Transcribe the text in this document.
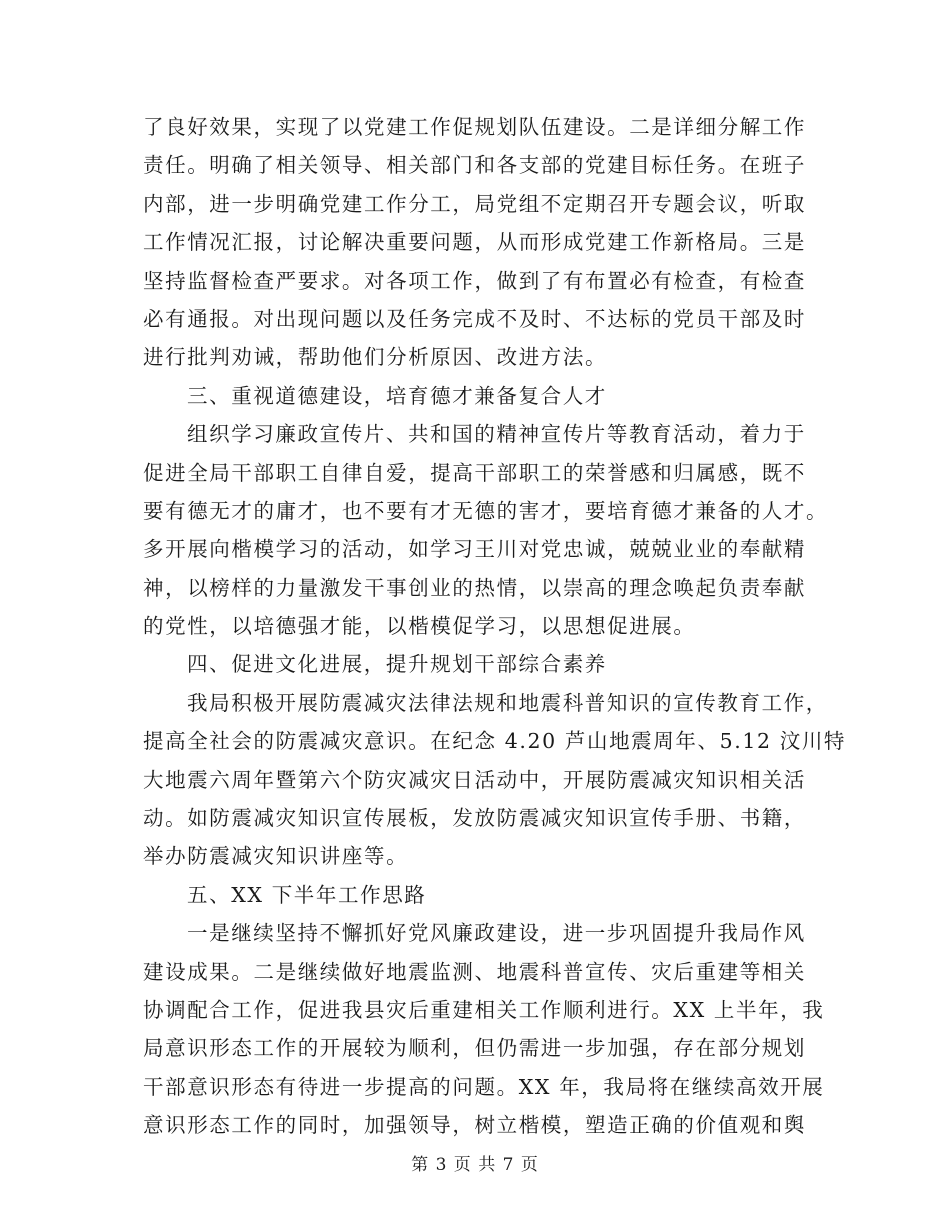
了良好效果，实现了以党建工作促规划队伍建设。二是详细分解工作
责任。明确了相关领导、相关部门和各支部的党建目标任务。在班子
内部，进一步明确党建工作分工，局党组不定期召开专题会议，听取
工作情况汇报，讨论解决重要问题，从而形成党建工作新格局。三是
坚持监督检查严要求。对各项工作，做到了有布置必有检查，有检查
必有通报。对出现问题以及任务完成不及时、不达标的党员干部及时
进行批判劝诫，帮助他们分析原因、改进方法。
三、重视道德建设，培育德才兼备复合人才
组织学习廉政宣传片、共和国的精神宣传片等教育活动，着力于
促进全局干部职工自律自爱，提高干部职工的荣誉感和归属感，既不
要有德无才的庸才，也不要有才无德的害才，要培育德才兼备的人才。
多开展向楷模学习的活动，如学习王川对党忠诚，兢兢业业的奉献精
神，以榜样的力量激发干事创业的热情，以崇高的理念唤起负责奉献
的党性，以培德强才能，以楷模促学习，以思想促进展。
四、促进文化进展，提升规划干部综合素养
我局积极开展防震减灾法律法规和地震科普知识的宣传教育工作，
提高全社会的防震减灾意识。在纪念 4.20 芦山地震周年、5.12 汶川特
大地震六周年暨第六个防灾减灾日活动中，开展防震减灾知识相关活
动。如防震减灾知识宣传展板，发放防震减灾知识宣传手册、书籍，
举办防震减灾知识讲座等。
五、XX 下半年工作思路
一是继续坚持不懈抓好党风廉政建设，进一步巩固提升我局作风
建设成果。二是继续做好地震监测、地震科普宣传、灾后重建等相关
协调配合工作，促进我县灾后重建相关工作顺利进行。XX 上半年，我
局意识形态工作的开展较为顺利，但仍需进一步加强，存在部分规划
干部意识形态有待进一步提高的问题。XX 年，我局将在继续高效开展
意识形态工作的同时，加强领导，树立楷模，塑造正确的价值观和舆
第 3 页 共 7 页
